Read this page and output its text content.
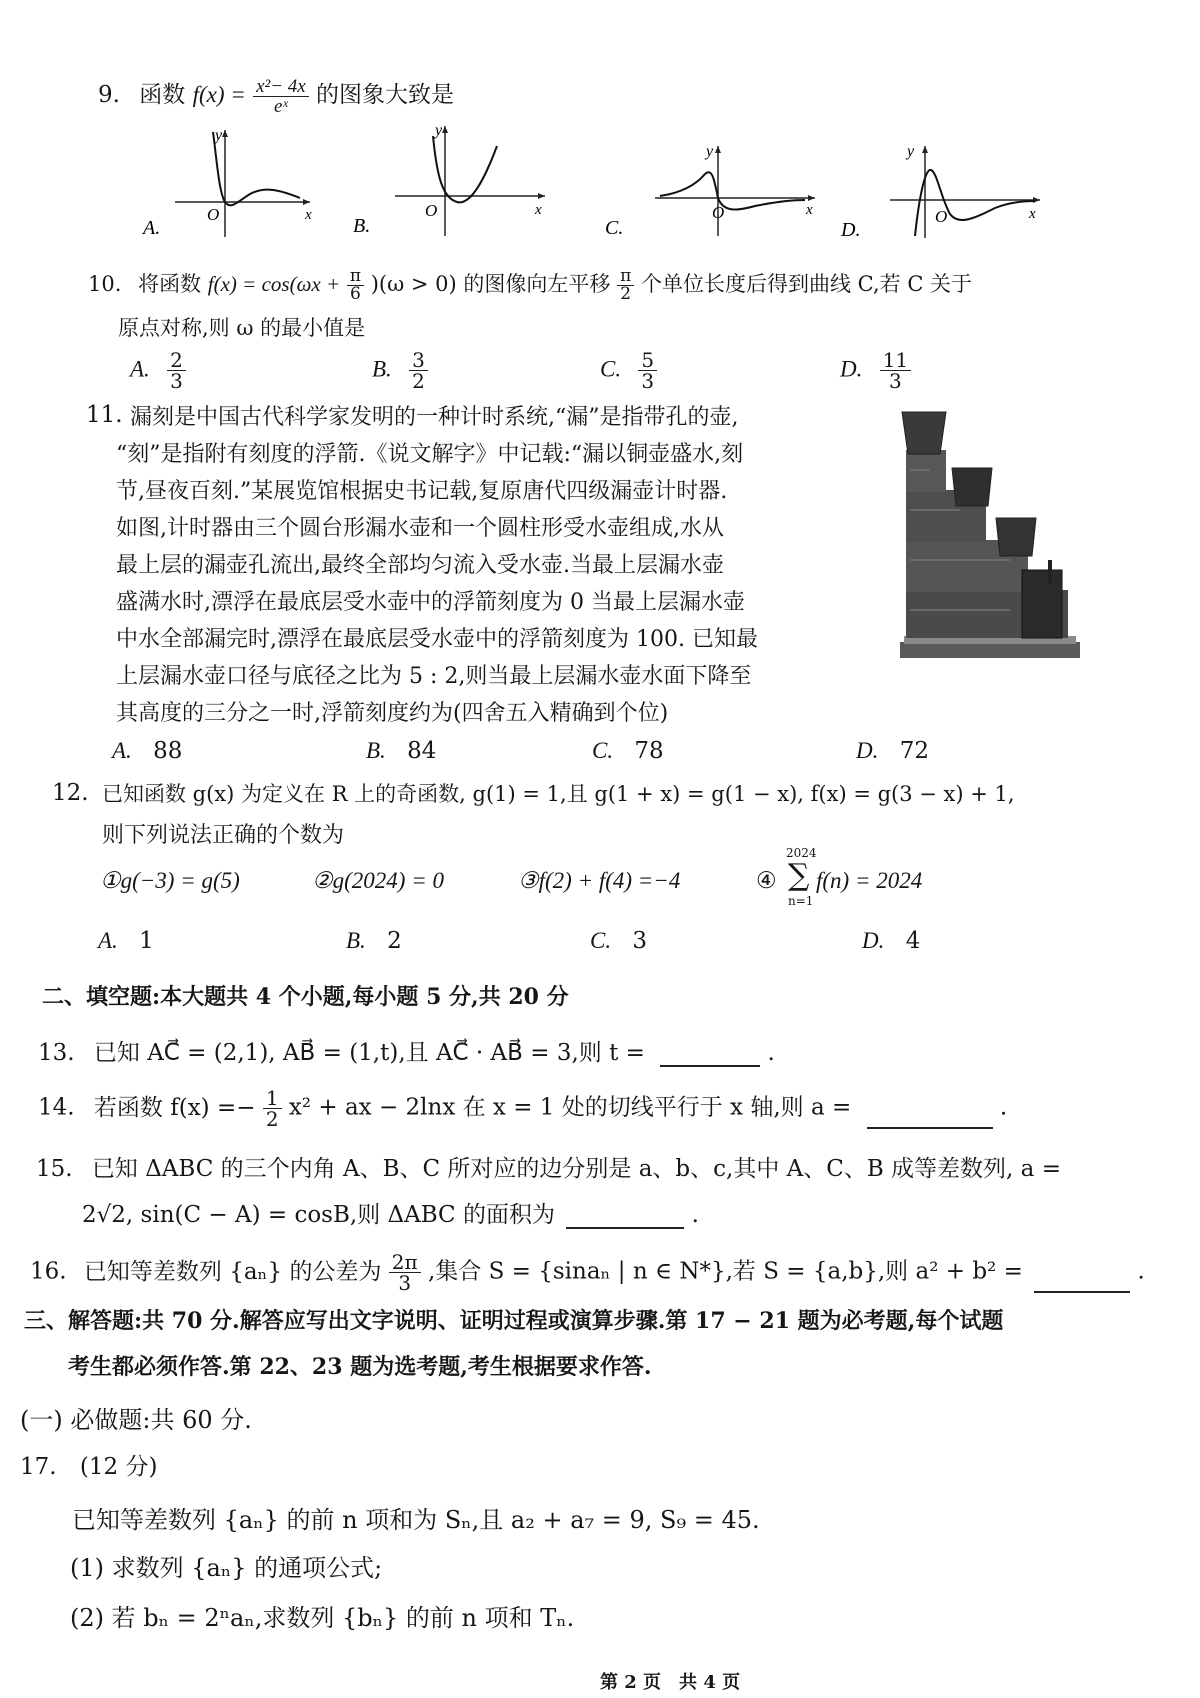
9. 函数 $f(x) = \frac{\text{x²− 4x}}{\text{eˣ}}$ 的图象大致是
y
x
O
A.
y
x
O
B.
y
x
O
C.
y
x
O
D.
10. 将函数 $f(x) = \cos(\omega x + \frac{\pi}{6} )(\omega > 0)$ 的图像向左平移 $\frac{\pi}{2}$ 个单位长度后得到曲线 C,若 C 关于
原点对称,则 ω 的最小值是
A. $\frac{2}{3}$	B. $\frac{3}{2}$	C. $\frac{5}{3}$	D. $\frac{11}{3}$
11. 漏刻是中国古代科学家发明的一种计时系统,“漏”是指带孔的壶,
“刻”是指附有刻度的浮箭.《说文解字》中记载:“漏以铜壶盛水,刻
节,昼夜百刻.”某展览馆根据史书记载,复原唐代四级漏壶计时器.
如图,计时器由三个圆台形漏水壶和一个圆柱形受水壶组成,水从
最上层的漏壶孔流出,最终全部均匀流入受水壶.当最上层漏水壶
盛满水时,漂浮在最底层受水壶中的浮箭刻度为 0 当最上层漏水壶
中水全部漏完时,漂浮在最底层受水壶中的浮箭刻度为 100. 已知最
上层漏水壶口径与底径之比为 5 : 2,则当最上层漏水壶水面下降至
其高度的三分之一时,浮箭刻度约为(四舍五入精确到个位)
A. 88	B. 84	C. 78	D. 72
12. 已知函数 g(x) 为定义在 R 上的奇函数, g(1) = 1,且 g(1 + x) = g(1 − x), f(x) = g(3 − x) + 1,
则下列说法正确的个数为
①g(−3) = g(5)	②g(2024) = 0	③f(2) + f(4) =−4	④
2024
∑
n=1
f(n) = 2024
A. 1	B. 2	C. 3	D. 4
二、填空题:本大题共 4 个小题,每小题 5 分,共 20 分
13. 已知 AC⃗ = (2,1), AB⃗ = (1,t),且 AC⃗ · AB⃗ = 3,则 t =	.
14. 若函数 $f(x) =- \frac{1}{2} x^2$ + ax − 2lnx 在 x = 1 处的切线平行于 x 轴,则 a =	.
15. 已知 ΔABC 的三个内角 A、B、C 所对应的边分别是 a、b、c,其中 A、C、B 成等差数列, a =
2√2, sin(C − A) = cosB,则 ΔABC 的面积为	.
16. 已知等差数列 {aₙ} 的公差为 $\frac{2\pi}{3}$ ,集合 S = {sinaₙ | n ∈ N*},若 S = {a,b},则 a² + b² =	.
三、解答题:共 70 分.解答应写出文字说明、证明过程或演算步骤.第 17 − 21 题为必考题,每个试题
考生都必须作答.第 22、23 题为选考题,考生根据要求作答.
(一) 必做题:共 60 分.
17. (12 分)
已知等差数列 {aₙ} 的前 n 项和为 Sₙ,且 a₂ + a₇ = 9, S₉ = 45.
(1) 求数列 {aₙ} 的通项公式;
(2) 若 bₙ = 2ⁿaₙ,求数列 {bₙ} 的前 n 项和 Tₙ.
第 2 页　共 4 页
